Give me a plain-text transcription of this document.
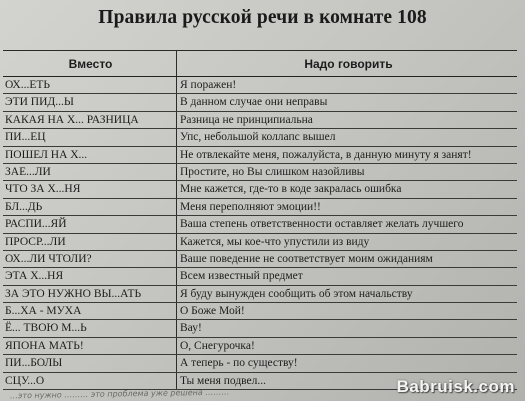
Правила русской речи в комнате 108
Вместо	Надо говорить
ОХ...ЕТЬ	Я поражен!
ЭТИ ПИД...Ы	В данном случае они неправы
КАКАЯ НА Х... РАЗНИЦА	Разница не принципиальна
ПИ...ЕЦ	Упс, небольшой коллапс вышел
ПОШЕЛ НА Х...	Не отвлекайте меня, пожалуйста, в данную минуту я занят!
ЗАЕ...ЛИ	Простите, но Вы слишком назойливы
ЧТО ЗА Х...НЯ	Мне кажется, где-то в коде закралась ошибка
БЛ...ДЬ	Меня переполняют эмоции!!
РАСПИ...ЯЙ	Ваша степень ответственности оставляет желать лучшего
ПРОСР...ЛИ	Кажется, мы кое-что упустили из виду
ОХ...ЛИ ЧТОЛИ?	Ваше поведение не соответствует моим ожиданиям
ЭТА Х...НЯ	Всем известный предмет
ЗА ЭТО НУЖНО ВЫ...АТЬ	Я буду вынужден сообщить об этом начальству
Б...ХА - МУХА	О Боже Мой!
Ё... ТВОЮ М...Ь	Вау!
ЯПОНА МАТЬ!	О, Снегурочка!
ПИ...БОЛЫ	А теперь - по существу!
СЦУ...О	Ты меня подвел...
…это нужно ……… это проблема уже решена ………	Babruisk.com
